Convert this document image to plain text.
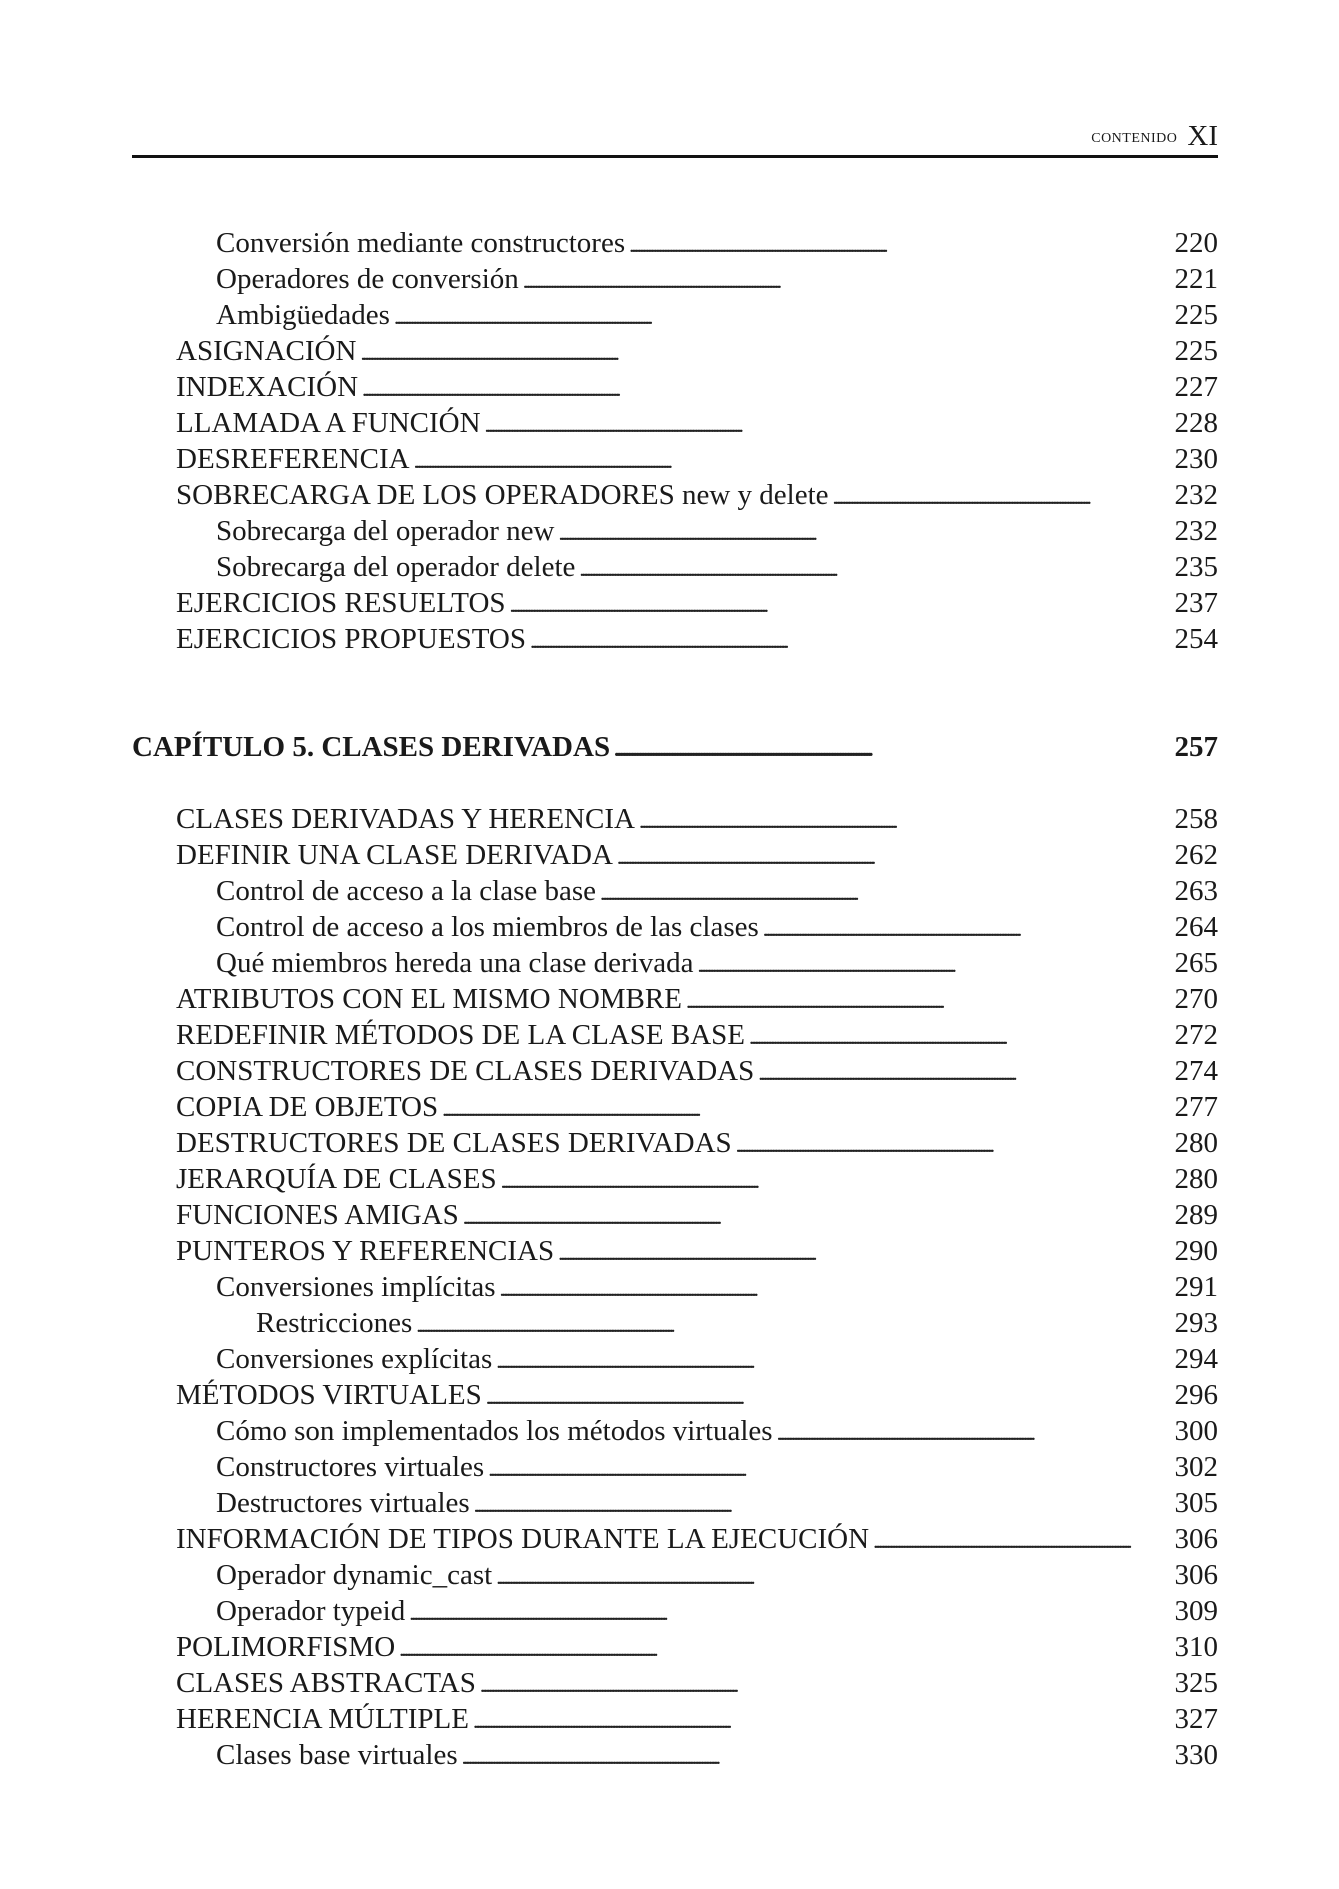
contenido XI
Conversión mediante constructores . . .	220
Operadores de conversión . . .	221
Ambigüedades . . .	225
ASIGNACIÓN . . .	225
INDEXACIÓN . . .	227
LLAMADA A FUNCIÓN . . .	228
DESREFERENCIA . . .	230
SOBRECARGA DE LOS OPERADORES new y delete . . .	232
Sobrecarga del operador new . . .	232
Sobrecarga del operador delete . . .	235
EJERCICIOS RESUELTOS . . .	237
EJERCICIOS PROPUESTOS . . .	254
CAPÍTULO 5. CLASES DERIVADAS . . .	257
CLASES DERIVADAS Y HERENCIA . . .	258
DEFINIR UNA CLASE DERIVADA . . .	262
Control de acceso a la clase base . . .	263
Control de acceso a los miembros de las clases . . .	264
Qué miembros hereda una clase derivada . . .	265
ATRIBUTOS CON EL MISMO NOMBRE . . .	270
REDEFINIR MÉTODOS DE LA CLASE BASE . . .	272
CONSTRUCTORES DE CLASES DERIVADAS . . .	274
COPIA DE OBJETOS . . .	277
DESTRUCTORES DE CLASES DERIVADAS . . .	280
JERARQUÍA DE CLASES . . .	280
FUNCIONES AMIGAS . . .	289
PUNTEROS Y REFERENCIAS . . .	290
Conversiones implícitas . . .	291
Restricciones . . .	293
Conversiones explícitas . . .	294
MÉTODOS VIRTUALES . . .	296
Cómo son implementados los métodos virtuales . . .	300
Constructores virtuales . . .	302
Destructores virtuales . . .	305
INFORMACIÓN DE TIPOS DURANTE LA EJECUCIÓN . . .	306
Operador dynamic_cast . . .	306
Operador typeid . . .	309
POLIMORFISMO . . .	310
CLASES ABSTRACTAS . . .	325
HERENCIA MÚLTIPLE . . .	327
Clases base virtuales . . .	330
